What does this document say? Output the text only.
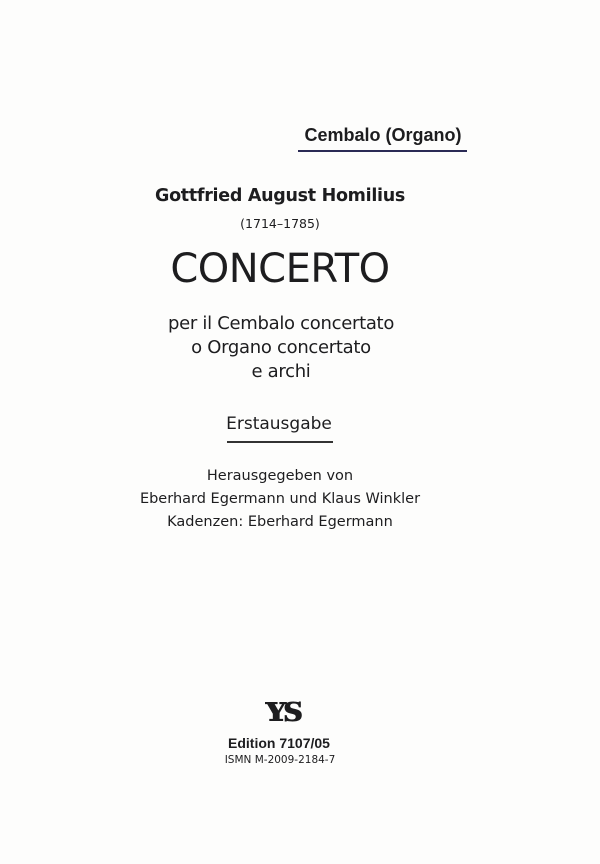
Cembalo (Organo)
Gottfried August Homilius
(1714–1785)
CONCERTO
per il Cembalo concertato
o Organo concertato
e archi
Erstausgabe
Herausgegeben von
Eberhard Egermann und Klaus Winkler
Kadenzen: Eberhard Egermann
ʏꜱ
Edition 7107/05
ISMN M-2009-2184-7
